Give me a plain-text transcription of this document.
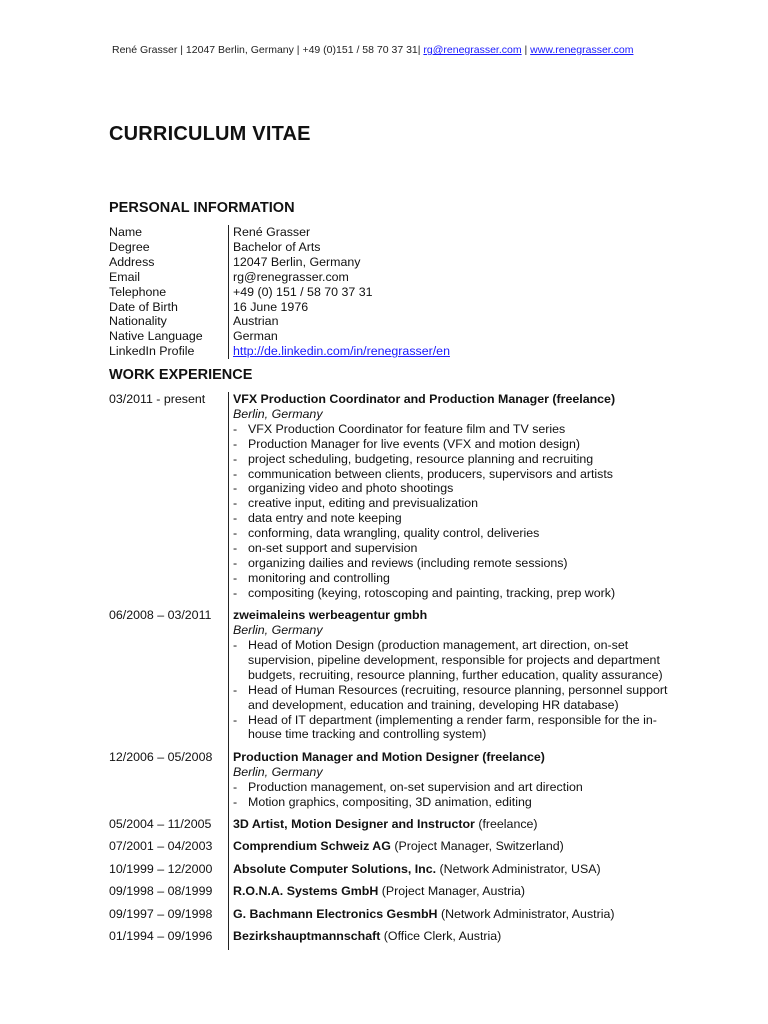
René Grasser | 12047 Berlin, Germany | +49 (0)151 / 58 70 37 31| rg@renegrasser.com | www.renegrasser.com
CURRICULUM VITAE
PERSONAL INFORMATION
Name	René Grasser
Degree	Bachelor of Arts
Address	12047 Berlin, Germany
Email	rg@renegrasser.com
Telephone	+49 (0) 151 / 58 70 37 31
Date of Birth	16 June 1976
Nationality	Austrian
Native Language	German
LinkedIn Profile	http://de.linkedin.com/in/renegrasser/en
WORK EXPERIENCE
03/2011 - present	VFX Production Coordinator and Production Manager (freelance)
Berlin, Germany
- VFX Production Coordinator for feature film and TV series
- Production Manager for live events (VFX and motion design)
- project scheduling, budgeting, resource planning and recruiting
- communication between clients, producers, supervisors and artists
- organizing video and photo shootings
- creative input, editing and previsualization
- data entry and note keeping
- conforming, data wrangling, quality control, deliveries
- on-set support and supervision
- organizing dailies and reviews (including remote sessions)
- monitoring and controlling
- compositing (keying, rotoscoping and painting, tracking, prep work)
06/2008 – 03/2011	zweimaleins werbeagentur gmbh
Berlin, Germany
- Head of Motion Design (production management, art direction, on-set supervision, pipeline development, responsible for projects and department budgets, recruiting, resource planning, further education, quality assurance)
- Head of Human Resources (recruiting, resource planning, personnel support and development, education and training, developing HR database)
- Head of IT department (implementing a render farm, responsible for the in-house time tracking and controlling system)
12/2006 – 05/2008	Production Manager and Motion Designer (freelance)
Berlin, Germany
- Production management, on-set supervision and art direction
- Motion graphics, compositing, 3D animation, editing
05/2004 – 11/2005	3D Artist, Motion Designer and Instructor (freelance)
07/2001 – 04/2003	Comprendium Schweiz AG (Project Manager, Switzerland)
10/1999 – 12/2000	Absolute Computer Solutions, Inc. (Network Administrator, USA)
09/1998 – 08/1999	R.O.N.A. Systems GmbH (Project Manager, Austria)
09/1997 – 09/1998	G. Bachmann Electronics GesmbH (Network Administrator, Austria)
01/1994 – 09/1996	Bezirkshauptmannschaft (Office Clerk, Austria)
